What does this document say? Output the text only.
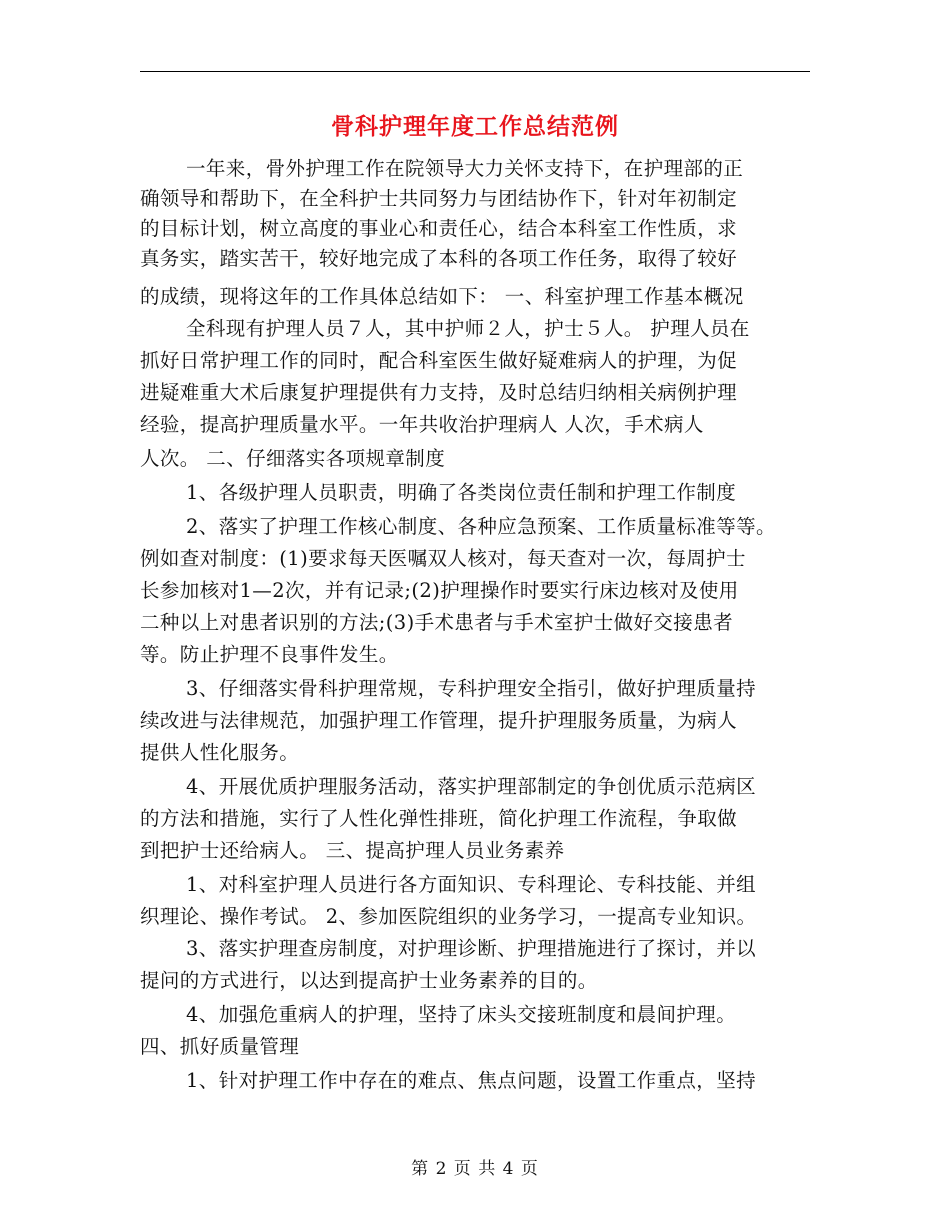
骨科护理年度工作总结范例
一年来，骨外护理工作在院领导大力关怀支持下，在护理部的正
确领导和帮助下，在全科护士共同努力与团结协作下，针对年初制定
的目标计划，树立高度的事业心和责任心，结合本科室工作性质，求
真务实，踏实苦干，较好地完成了本科的各项工作任务，取得了较好
的成绩，现将这年的工作具体总结如下： 一、科室护理工作基本概况
全科现有护理人员７人，其中护师２人，护士５人。 护理人员在
抓好日常护理工作的同时，配合科室医生做好疑难病人的护理，为促
进疑难重大术后康复护理提供有力支持，及时总结归纳相关病例护理
经验，提高护理质量水平。一年共收治护理病人 人次，手术病人
人次。 二、仔细落实各项规章制度
1、各级护理人员职责，明确了各类岗位责任制和护理工作制度
2、落实了护理工作核心制度、各种应急预案、工作质量标准等等。
例如查对制度：(1)要求每天医嘱双人核对，每天查对一次，每周护士
长参加核对1—2次，并有记录;(2)护理操作时要实行床边核对及使用
二种以上对患者识别的方法;(3)手术患者与手术室护士做好交接患者
等。防止护理不良事件发生。
3、仔细落实骨科护理常规，专科护理安全指引，做好护理质量持
续改进与法律规范，加强护理工作管理，提升护理服务质量，为病人
提供人性化服务。
4、开展优质护理服务活动，落实护理部制定的争创优质示范病区
的方法和措施，实行了人性化弹性排班，简化护理工作流程，争取做
到把护士还给病人。 三、提高护理人员业务素养
1、对科室护理人员进行各方面知识、专科理论、专科技能、并组
织理论、操作考试。 2、参加医院组织的业务学习，一提高专业知识。
3、落实护理查房制度，对护理诊断、护理措施进行了探讨，并以
提问的方式进行，以达到提高护士业务素养的目的。
4、加强危重病人的护理，坚持了床头交接班制度和晨间护理。
四、抓好质量管理
1、针对护理工作中存在的难点、焦点问题，设置工作重点，坚持
第 2 页 共 4 页
